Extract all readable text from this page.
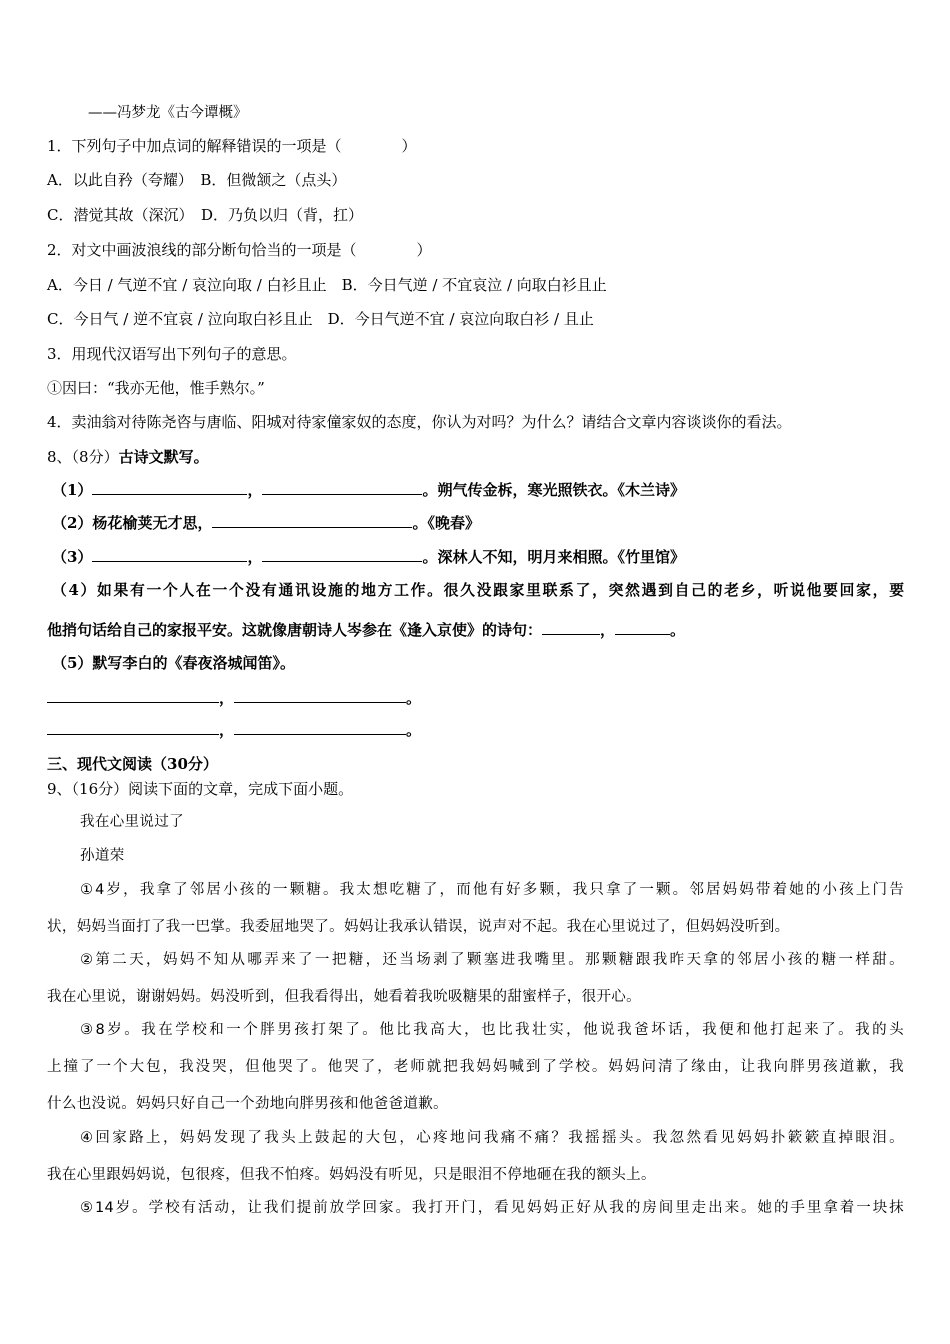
——冯梦龙《古今谭概》
1．下列句子中加点词的解释错误的一项是（　　　　）
A．以此自矜（夸耀）　B．但微颔之（点头）
C．潜觉其故（深沉）　D．乃负以归（背，扛）
2．对文中画波浪线的部分断句恰当的一项是（　　　　）
A．今日 / 气逆不宜 / 哀泣向取 / 白衫且止　B．今日气逆 / 不宜哀泣 / 向取白衫且止
C．今日气 / 逆不宜哀 / 泣向取白衫且止　D．今日气逆不宜 / 哀泣向取白衫 / 且止
3．用现代汉语写出下列句子的意思。
①因曰：“我亦无他，惟手熟尔。”
4．卖油翁对待陈尧咨与唐临、阳城对待家僮家奴的态度，你认为对吗？为什么？请结合文章内容谈谈你的看法。
8、（8分）古诗文默写。
（1）	，	。朔气传金柝，寒光照铁衣。《木兰诗》
（2）杨花榆荚无才思，	。《晚春》
（3）	，	。深林人不知，明月来相照。《竹里馆》
（4）如果有一个人在一个没有通讯设施的地方工作。很久没跟家里联系了，突然遇到自己的老乡，听说他要回家，要
他捎句话给自己的家报平安。这就像唐朝诗人岑参在《逢入京使》的诗句：	，	。
（5）默写李白的《春夜洛城闻笛》。
，	。
，	。
三、现代文阅读（30分）
9、（16分）阅读下面的文章，完成下面小题。
我在心里说过了
孙道荣
①4岁，我拿了邻居小孩的一颗糖。我太想吃糖了，而他有好多颗，我只拿了一颗。邻居妈妈带着她的小孩上门告
状，妈妈当面打了我一巴掌。我委屈地哭了。妈妈让我承认错误，说声对不起。我在心里说过了，但妈妈没听到。
②第二天，妈妈不知从哪弄来了一把糖，还当场剥了颗塞进我嘴里。那颗糖跟我昨天拿的邻居小孩的糖一样甜。
我在心里说，谢谢妈妈。妈没听到，但我看得出，她看着我吮吸糖果的甜蜜样子，很开心。
③8岁。我在学校和一个胖男孩打架了。他比我高大，也比我壮实，他说我爸坏话，我便和他打起来了。我的头
上撞了一个大包，我没哭，但他哭了。他哭了，老师就把我妈妈喊到了学校。妈妈问清了缘由，让我向胖男孩道歉，我
什么也没说。妈妈只好自己一个劲地向胖男孩和他爸爸道歉。
④回家路上，妈妈发现了我头上鼓起的大包，心疼地问我痛不痛？我摇摇头。我忽然看见妈妈扑簌簌直掉眼泪。
我在心里跟妈妈说，包很疼，但我不怕疼。妈妈没有听见，只是眼泪不停地砸在我的额头上。
⑤14岁。学校有活动，让我们提前放学回家。我打开门，看见妈妈正好从我的房间里走出来。她的手里拿着一块抹
